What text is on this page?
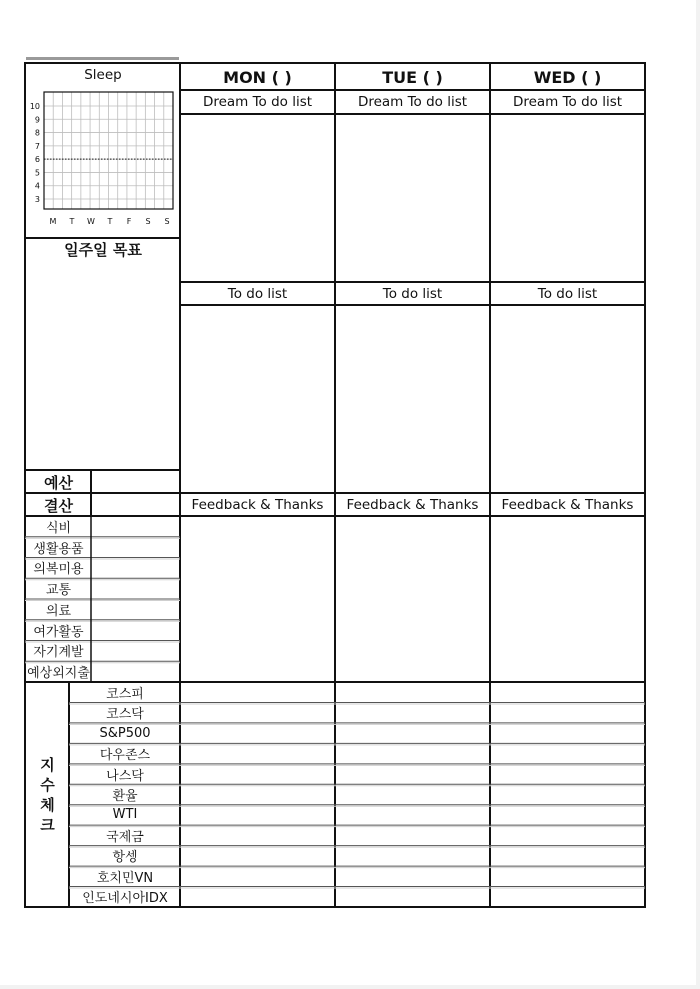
Sleep
10
9
8
7
6
5
4
3
M T W T F S S
일주일 목표
예산
결산
식비
생활용품
의복미용
교통
의료
여가활동
자기계발
예상외지출
지
수
체
크
코스피
코스닥
S&P500
다우존스
나스닥
환율
WTI
국제금
항셍
호치민VN
인도네시아IDX
MON ( )
Dream To do list
To do list
Feedback & Thanks
TUE ( )
Dream To do list
To do list
Feedback & Thanks
WED ( )
Dream To do list
To do list
Feedback & Thanks
